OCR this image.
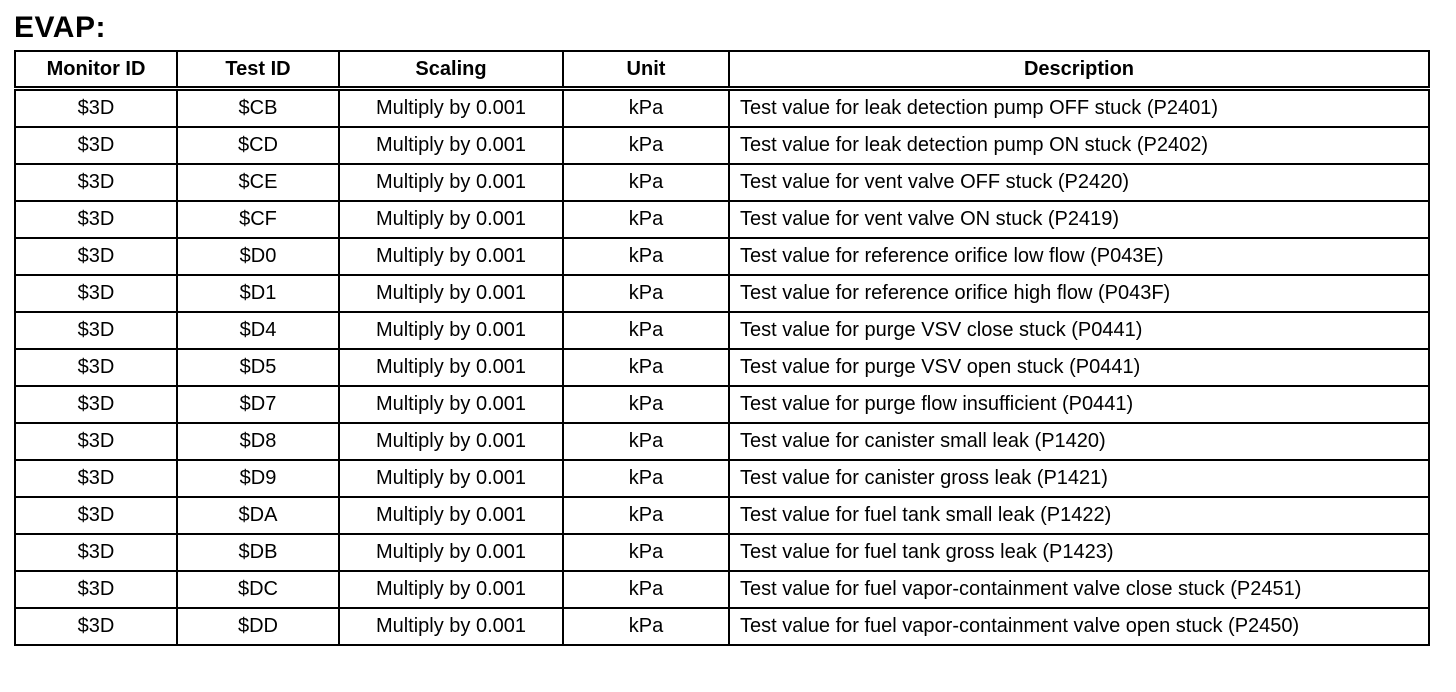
EVAP:
Monitor ID	Test ID	Scaling	Unit	Description
$3D	$CB	Multiply by 0.001	kPa	Test value for leak detection pump OFF stuck (P2401)
$3D	$CD	Multiply by 0.001	kPa	Test value for leak detection pump ON stuck (P2402)
$3D	$CE	Multiply by 0.001	kPa	Test value for vent valve OFF stuck (P2420)
$3D	$CF	Multiply by 0.001	kPa	Test value for vent valve ON stuck (P2419)
$3D	$D0	Multiply by 0.001	kPa	Test value for reference orifice low flow (P043E)
$3D	$D1	Multiply by 0.001	kPa	Test value for reference orifice high flow (P043F)
$3D	$D4	Multiply by 0.001	kPa	Test value for purge VSV close stuck (P0441)
$3D	$D5	Multiply by 0.001	kPa	Test value for purge VSV open stuck (P0441)
$3D	$D7	Multiply by 0.001	kPa	Test value for purge flow insufficient (P0441)
$3D	$D8	Multiply by 0.001	kPa	Test value for canister small leak (P1420)
$3D	$D9	Multiply by 0.001	kPa	Test value for canister gross leak (P1421)
$3D	$DA	Multiply by 0.001	kPa	Test value for fuel tank small leak (P1422)
$3D	$DB	Multiply by 0.001	kPa	Test value for fuel tank gross leak (P1423)
$3D	$DC	Multiply by 0.001	kPa	Test value for fuel vapor-containment valve close stuck (P2451)
$3D	$DD	Multiply by 0.001	kPa	Test value for fuel vapor-containment valve open stuck (P2450)
